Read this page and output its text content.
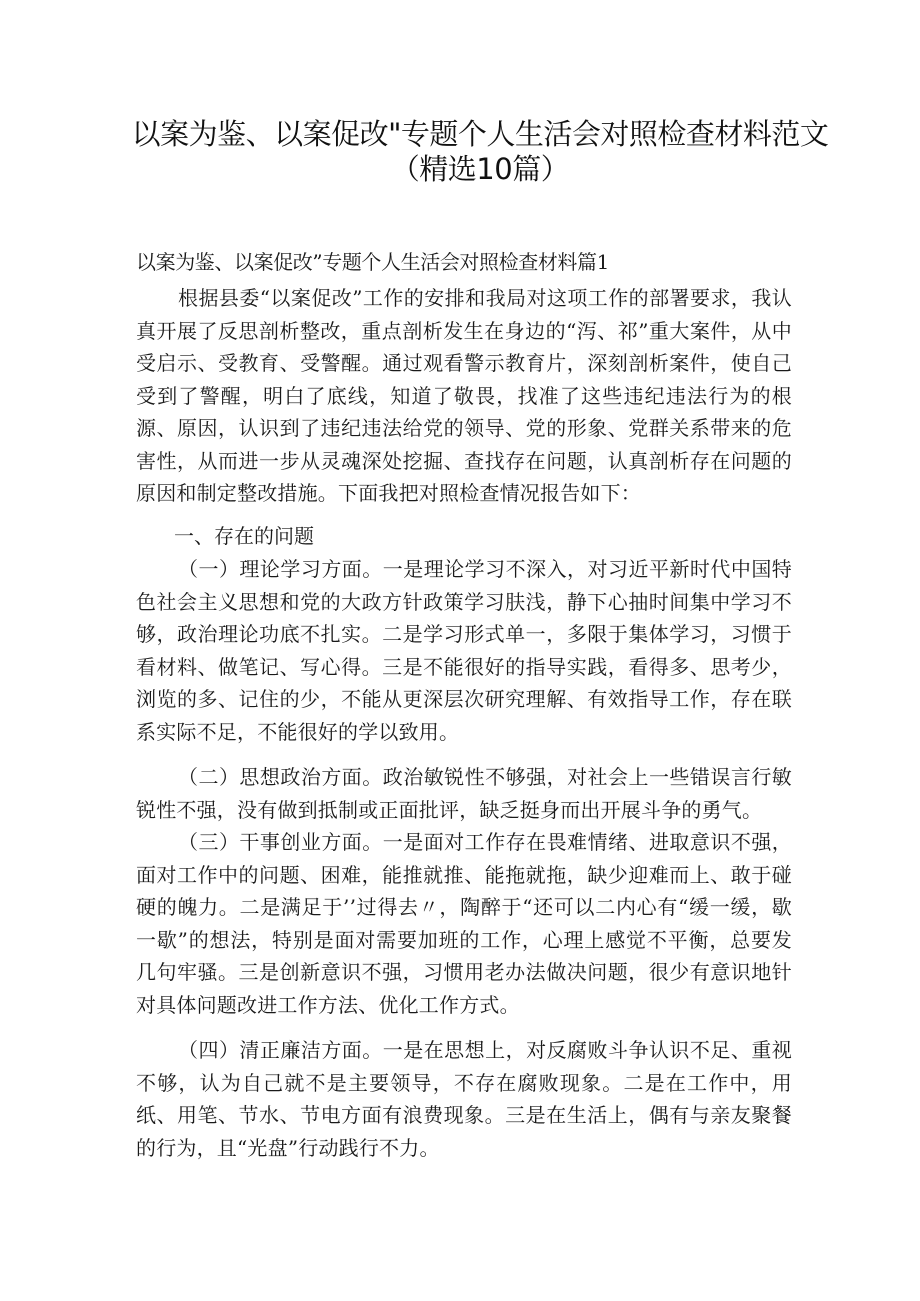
以案为鉴、以案促改"专题个人生活会对照检查材料范文
（精选10篇）

以案为鉴、以案促改”专题个人生活会对照检查材料篇1

根据县委“以案促改”工作的安排和我局对这项工作的部署要求，我认真开展了反思剖析整改，重点剖析发生在身边的“泻、祁”重大案件，从中受启示、受教育、受警醒。通过观看警示教育片，深刻剖析案件，使自己受到了警醒，明白了底线，知道了敬畏，找准了这些违纪违法行为的根源、原因，认识到了违纪违法给党的领导、党的形象、党群关系带来的危害性，从而进一步从灵魂深处挖掘、查找存在问题，认真剖析存在问题的原因和制定整改措施。下面我把对照检查情况报告如下：

一、存在的问题

（一）理论学习方面。一是理论学习不深入，对习近平新时代中国特色社会主义思想和党的大政方针政策学习肤浅，静下心抽时间集中学习不够，政治理论功底不扎实。二是学习形式单一，多限于集体学习，习惯于看材料、做笔记、写心得。三是不能很好的指导实践，看得多、思考少，浏览的多、记住的少，不能从更深层次研究理解、有效指导工作，存在联系实际不足，不能很好的学以致用。

（二）思想政治方面。政治敏锐性不够强，对社会上一些错误言行敏锐性不强，没有做到抵制或正面批评，缺乏挺身而出开展斗争的勇气。

（三）干事创业方面。一是面对工作存在畏难情绪、进取意识不强，面对工作中的问题、困难，能推就推、能拖就拖，缺少迎难而上、敢于碰硬的魄力。二是满足于’’过得去〃，陶醉于“还可以二内心有“缓一缓，歇一歇”的想法，特别是面对需要加班的工作，心理上感觉不平衡，总要发几句牢骚。三是创新意识不强，习惯用老办法做决问题，很少有意识地针对具体问题改进工作方法、优化工作方式。

（四）清正廉洁方面。一是在思想上，对反腐败斗争认识不足、重视不够，认为自己就不是主要领导，不存在腐败现象。二是在工作中，用纸、用笔、节水、节电方面有浪费现象。三是在生活上，偶有与亲友聚餐的行为，且“光盘”行动践行不力。
